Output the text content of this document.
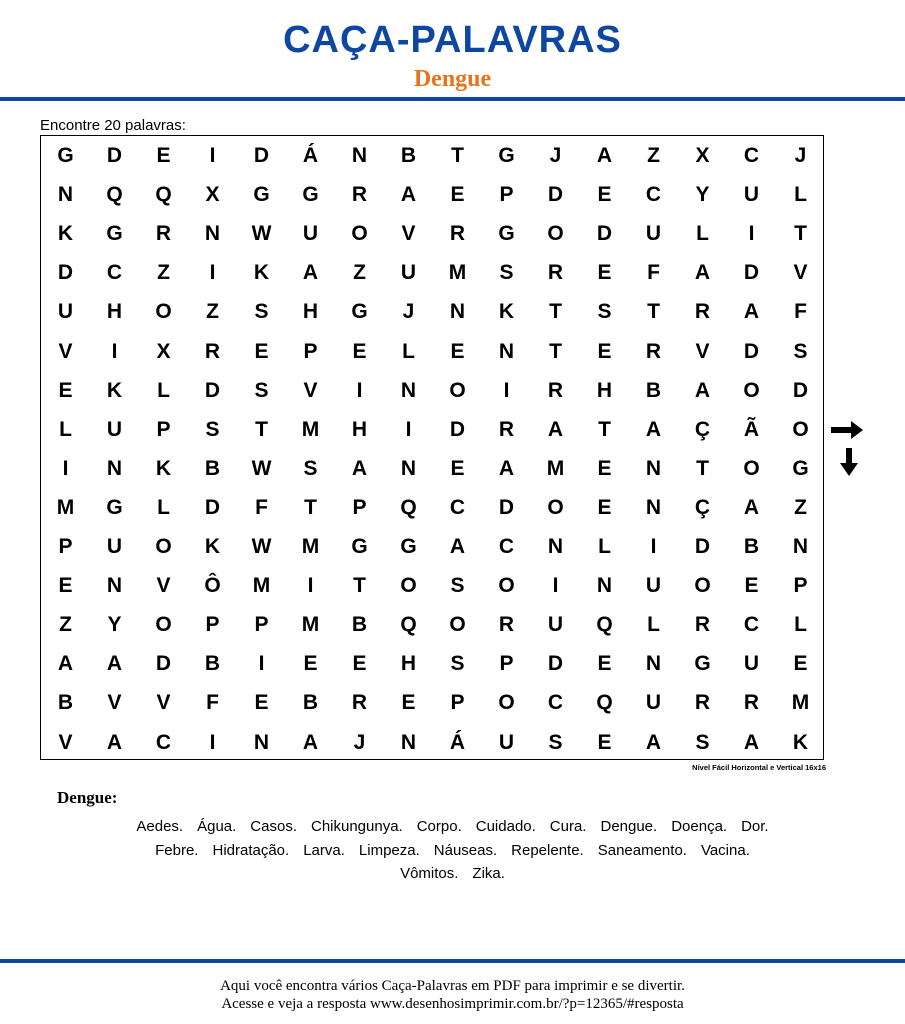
CAÇA-PALAVRAS
Dengue
Encontre 20 palavras:
G	D	E	I	D	Á	N	B	T	G	J	A	Z	X	C	J
N	Q	Q	X	G	G	R	A	E	P	D	E	C	Y	U	L
K	G	R	N	W	U	O	V	R	G	O	D	U	L	I	T
D	C	Z	I	K	A	Z	U	M	S	R	E	F	A	D	V
U	H	O	Z	S	H	G	J	N	K	T	S	T	R	A	F
V	I	X	R	E	P	E	L	E	N	T	E	R	V	D	S
E	K	L	D	S	V	I	N	O	I	R	H	B	A	O	D
L	U	P	S	T	M	H	I	D	R	A	T	A	Ç	Ã	O
I	N	K	B	W	S	A	N	E	A	M	E	N	T	O	G
M	G	L	D	F	T	P	Q	C	D	O	E	N	Ç	A	Z
P	U	O	K	W	M	G	G	A	C	N	L	I	D	B	N
E	N	V	Ô	M	I	T	O	S	O	I	N	U	O	E	P
Z	Y	O	P	P	M	B	Q	O	R	U	Q	L	R	C	L
A	A	D	B	I	E	E	H	S	P	D	E	N	G	U	E
B	V	V	F	E	B	R	E	P	O	C	Q	U	R	R	M
V	A	C	I	N	A	J	N	Á	U	S	E	A	S	A	K
Nível Fácil Horizontal e Vertical 16x16
Dengue:
Aedes. Água. Casos. Chikungunya. Corpo. Cuidado. Cura. Dengue. Doença. Dor.
Febre. Hidratação. Larva. Limpeza. Náuseas. Repelente. Saneamento. Vacina.
Vômitos. Zika.
Aqui você encontra vários Caça-Palavras em PDF para imprimir e se divertir.
Acesse e veja a resposta www.desenhosimprimir.com.br/?p=12365/#resposta
